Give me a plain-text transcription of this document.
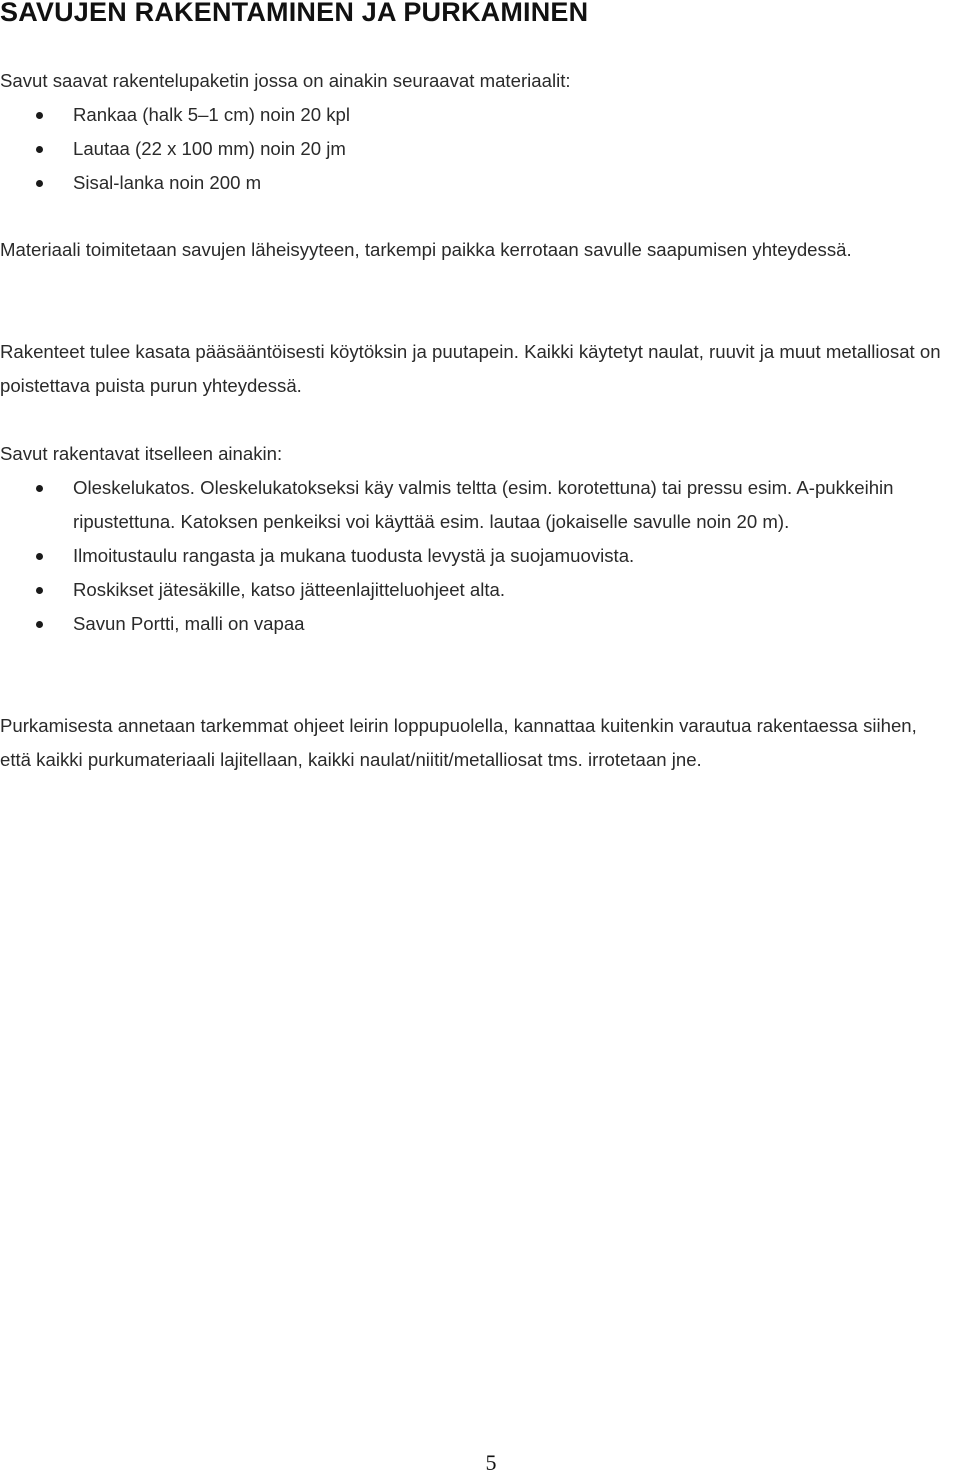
SAVUJEN RAKENTAMINEN JA PURKAMINEN

Savut saavat rakentelupaketin jossa on ainakin seuraavat materiaalit:

Rankaa (halk 5–1 cm) noin 20 kpl
Lautaa (22 x 100 mm) noin 20 jm
Sisal-lanka noin 200 m

Materiaali toimitetaan savujen läheisyyteen, tarkempi paikka kerrotaan savulle saapumisen yhteydessä.

Rakenteet tulee kasata pääsääntöisesti köytöksin ja puutapein. Kaikki käytetyt naulat, ruuvit ja muut metalliosat on poistettava puista purun yhteydessä.

Savut rakentavat itselleen ainakin:

Oleskelukatos. Oleskelukatokseksi käy valmis teltta (esim. korotettuna) tai pressu esim. A-pukkeihin ripustettuna. Katoksen penkeiksi voi käyttää esim. lautaa (jokaiselle savulle noin 20 m).
Ilmoitustaulu rangasta ja mukana tuodusta levystä ja suojamuovista.
Roskikset jätesäkille, katso jätteenlajitteluohjeet alta.
Savun Portti, malli on vapaa

Purkamisesta annetaan tarkemmat ohjeet leirin loppupuolella, kannattaa kuitenkin varautua rakentaessa siihen, että kaikki purkumateriaali lajitellaan, kaikki naulat/niitit/metalliosat tms. irrotetaan jne.

5
